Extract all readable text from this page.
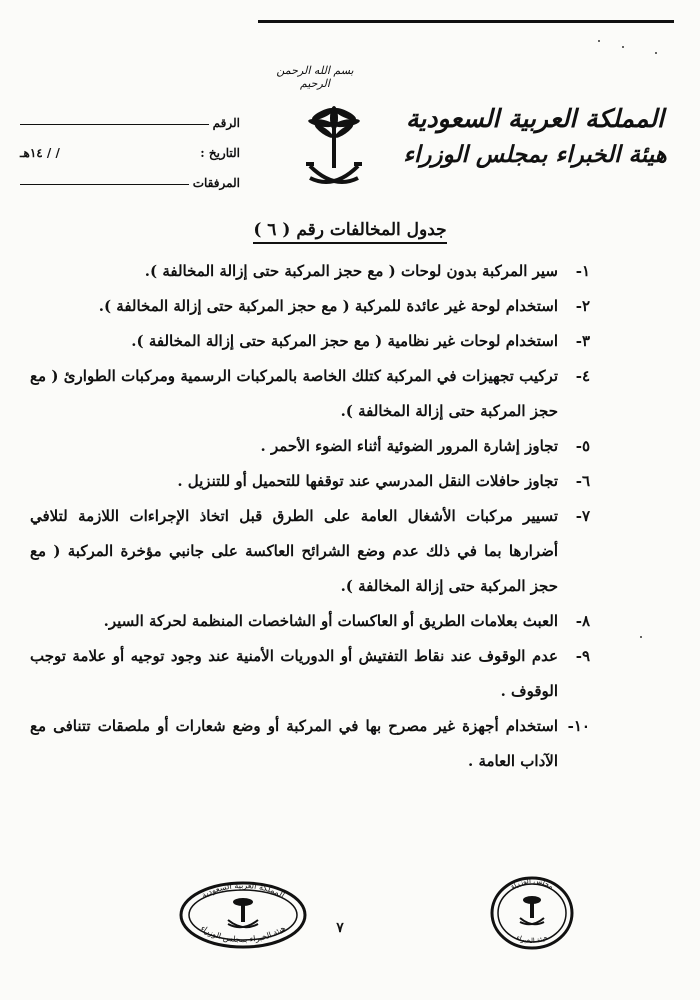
بسم الله الرحمن الرحيم
المملكة العربية السعودية
هيئة الخبراء بمجلس الوزراء
الرقم
التاريخ :
/ / ١٤هـ
المرفقات
جدول المخالفات رقم ( ٦ )
١-
سير المركبة بدون لوحات ( مع حجز المركبة حتى إزالة المخالفة ).
٢-
استخدام لوحة غير عائدة للمركبة ( مع حجز المركبة حتى إزالة المخالفة ).
٣-
استخدام لوحات غير نظامية ( مع حجز المركبة حتى إزالة المخالفة ).
٤-
تركيب تجهيزات في المركبة كتلك الخاصة بالمركبات الرسمية ومركبات الطوارئ ( مع حجز المركبة حتى إزالة المخالفة ).
٥-
تجاوز إشارة المرور الضوئية أثناء الضوء الأحمر .
٦-
تجاوز حافلات النقل المدرسي عند توقفها للتحميل أو للتنزيل .
٧-
تسيير مركبات الأشغال العامة على الطرق قبل اتخاذ الإجراءات اللازمة لتلافي أضرارها بما في ذلك عدم وضع الشرائح العاكسة على جانبي مؤخرة المركبة ( مع حجز المركبة حتى إزالة المخالفة ).
٨-
العبث بعلامات الطريق أو العاكسات أو الشاخصات المنظمة لحركة السير.
٩-
عدم الوقوف عند نقاط التفتيش أو الدوريات الأمنية عند وجود توجيه أو علامة توجب الوقوف .
١٠-
استخدام أجهزة غير مصرح بها في المركبة أو وضع شعارات أو ملصقات تتنافى مع الآداب العامة .
المملكة العربية السعودية
هيئة الخبراء بمجلس الوزراء	٧
مجلس الوزراء
هيئة الخبراء
